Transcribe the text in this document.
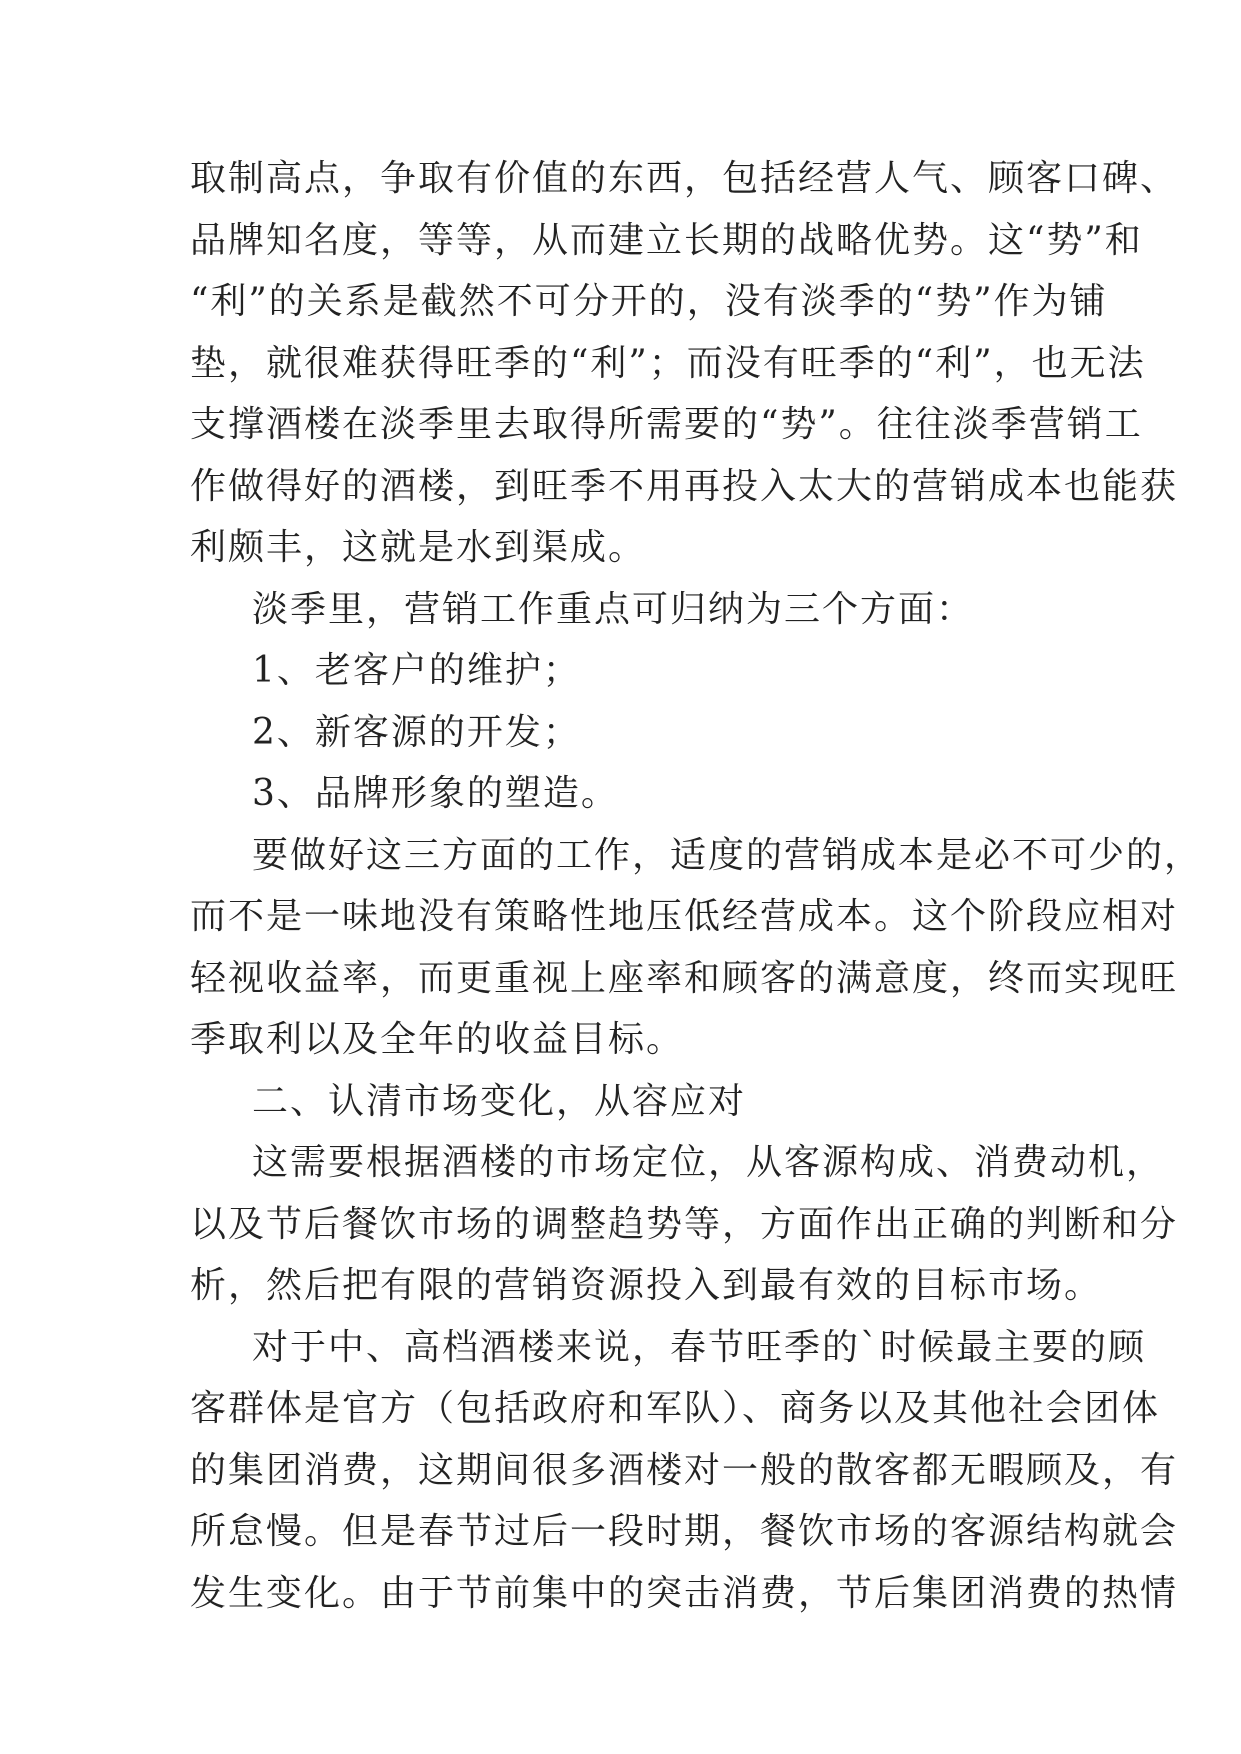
取制高点，争取有价值的东西，包括经营人气、顾客口碑、
品牌知名度，等等，从而建立长期的战略优势。这“势”和
“利”的关系是截然不可分开的，没有淡季的“势”作为铺
垫，就很难获得旺季的“利”；而没有旺季的“利”，也无法
支撑酒楼在淡季里去取得所需要的“势”。往往淡季营销工
作做得好的酒楼，到旺季不用再投入太大的营销成本也能获
利颇丰，这就是水到渠成。
淡季里，营销工作重点可归纳为三个方面：
1、老客户的维护；
2、新客源的开发；
3、品牌形象的塑造。
要做好这三方面的工作，适度的营销成本是必不可少的，
而不是一味地没有策略性地压低经营成本。这个阶段应相对
轻视收益率，而更重视上座率和顾客的满意度，终而实现旺
季取利以及全年的收益目标。
二、认清市场变化，从容应对
这需要根据酒楼的市场定位，从客源构成、消费动机，
以及节后餐饮市场的调整趋势等，方面作出正确的判断和分
析，然后把有限的营销资源投入到最有效的目标市场。
对于中、高档酒楼来说，春节旺季的`时候最主要的顾
客群体是官方（包括政府和军队）、商务以及其他社会团体
的集团消费，这期间很多酒楼对一般的散客都无暇顾及，有
所怠慢。但是春节过后一段时期，餐饮市场的客源结构就会
发生变化。由于节前集中的突击消费，节后集团消费的热情
